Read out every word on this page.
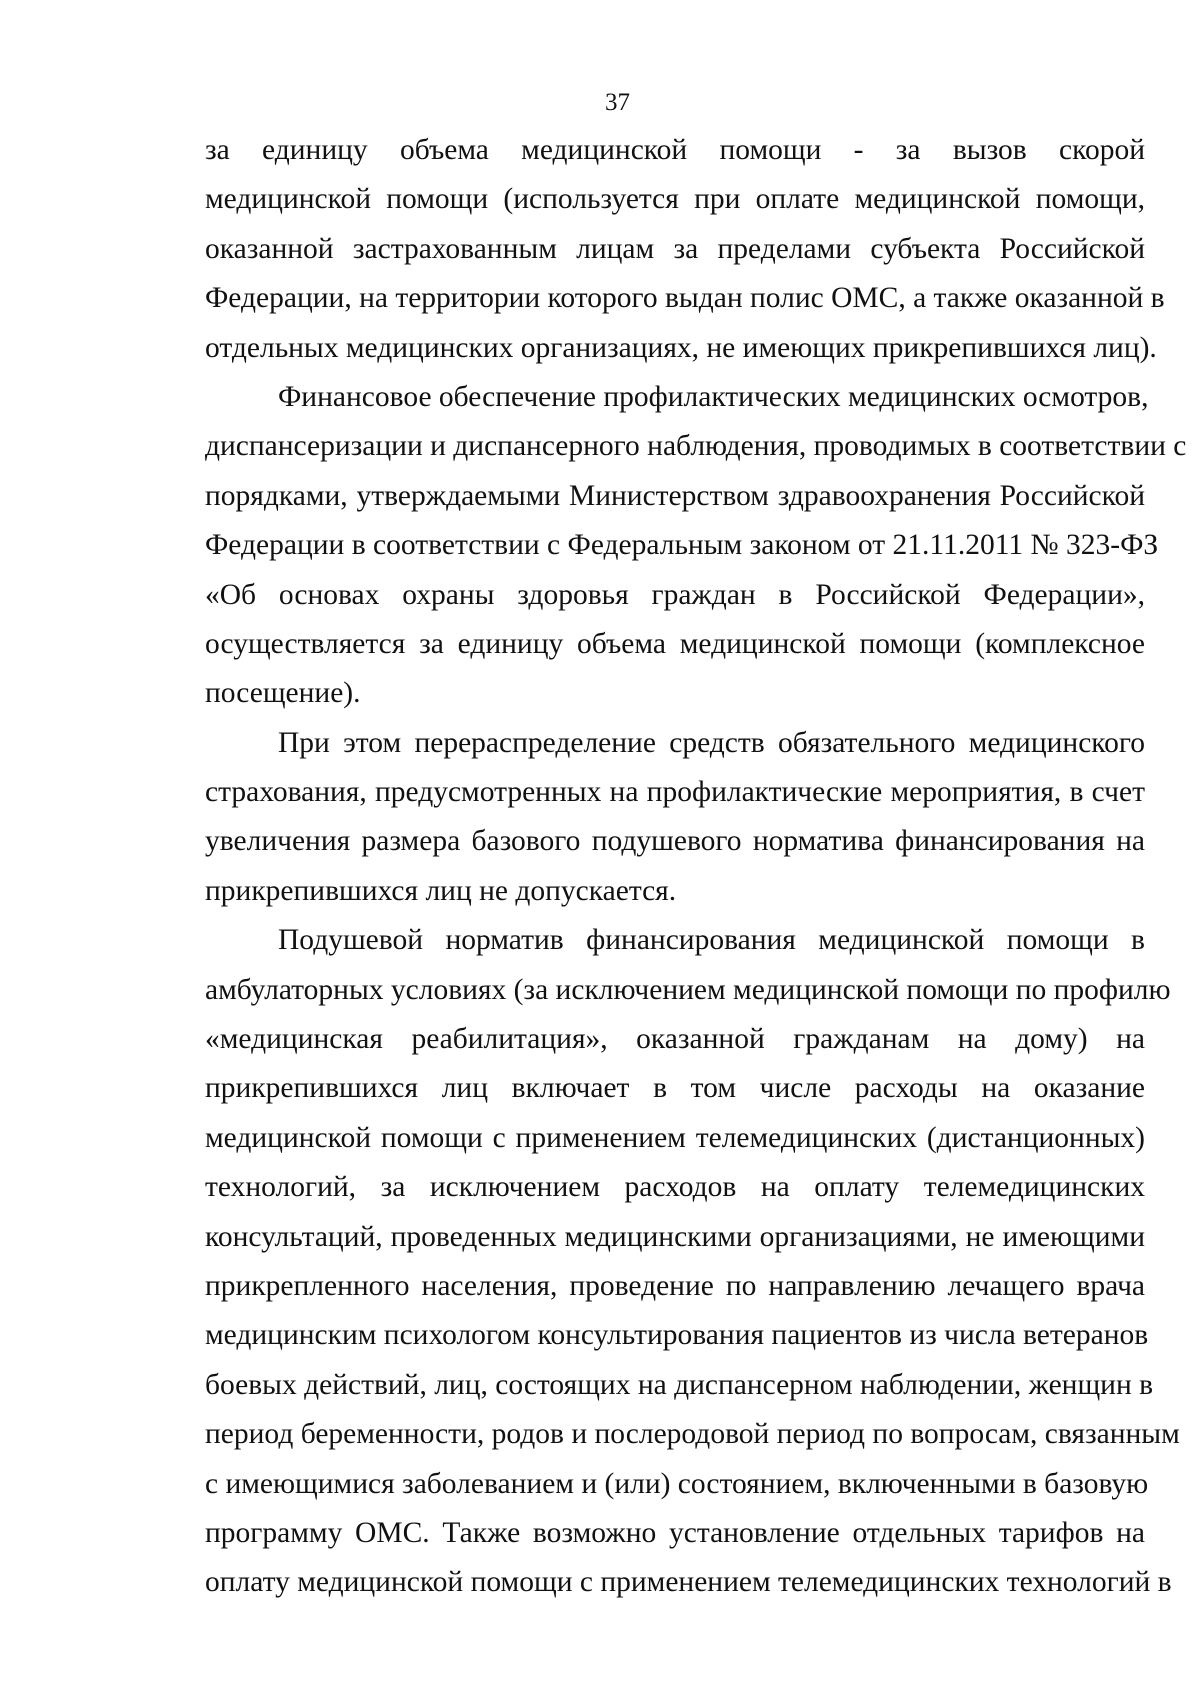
37
за единицу объема медицинской помощи - за вызов скорой
медицинской помощи (используется при оплате медицинской помощи,
оказанной застрахованным лицам за пределами субъекта Российской
Федерации, на территории которого выдан полис ОМС, а также оказанной в
отдельных медицинских организациях, не имеющих прикрепившихся лиц).
Финансовое обеспечение профилактических медицинских осмотров,
диспансеризации и диспансерного наблюдения, проводимых в соответствии с
порядками, утверждаемыми Министерством здравоохранения Российской
Федерации в соответствии с Федеральным законом от 21.11.2011 № 323-ФЗ
«Об основах охраны здоровья граждан в Российской Федерации»,
осуществляется за единицу объема медицинской помощи (комплексное
посещение).
При этом перераспределение средств обязательного медицинского
страхования, предусмотренных на профилактические мероприятия, в счет
увеличения размера базового подушевого норматива финансирования на
прикрепившихся лиц не допускается.
Подушевой норматив финансирования медицинской помощи в
амбулаторных условиях (за исключением медицинской помощи по профилю
«медицинская реабилитация», оказанной гражданам на дому) на
прикрепившихся лиц включает в том числе расходы на оказание
медицинской помощи с применением телемедицинских (дистанционных)
технологий, за исключением расходов на оплату телемедицинских
консультаций, проведенных медицинскими организациями, не имеющими
прикрепленного населения, проведение по направлению лечащего врача
медицинским психологом консультирования пациентов из числа ветеранов
боевых действий, лиц, состоящих на диспансерном наблюдении, женщин в
период беременности, родов и послеродовой период по вопросам, связанным
с имеющимися заболеванием и (или) состоянием, включенными в базовую
программу ОМС. Также возможно установление отдельных тарифов на
оплату медицинской помощи с применением телемедицинских технологий в
